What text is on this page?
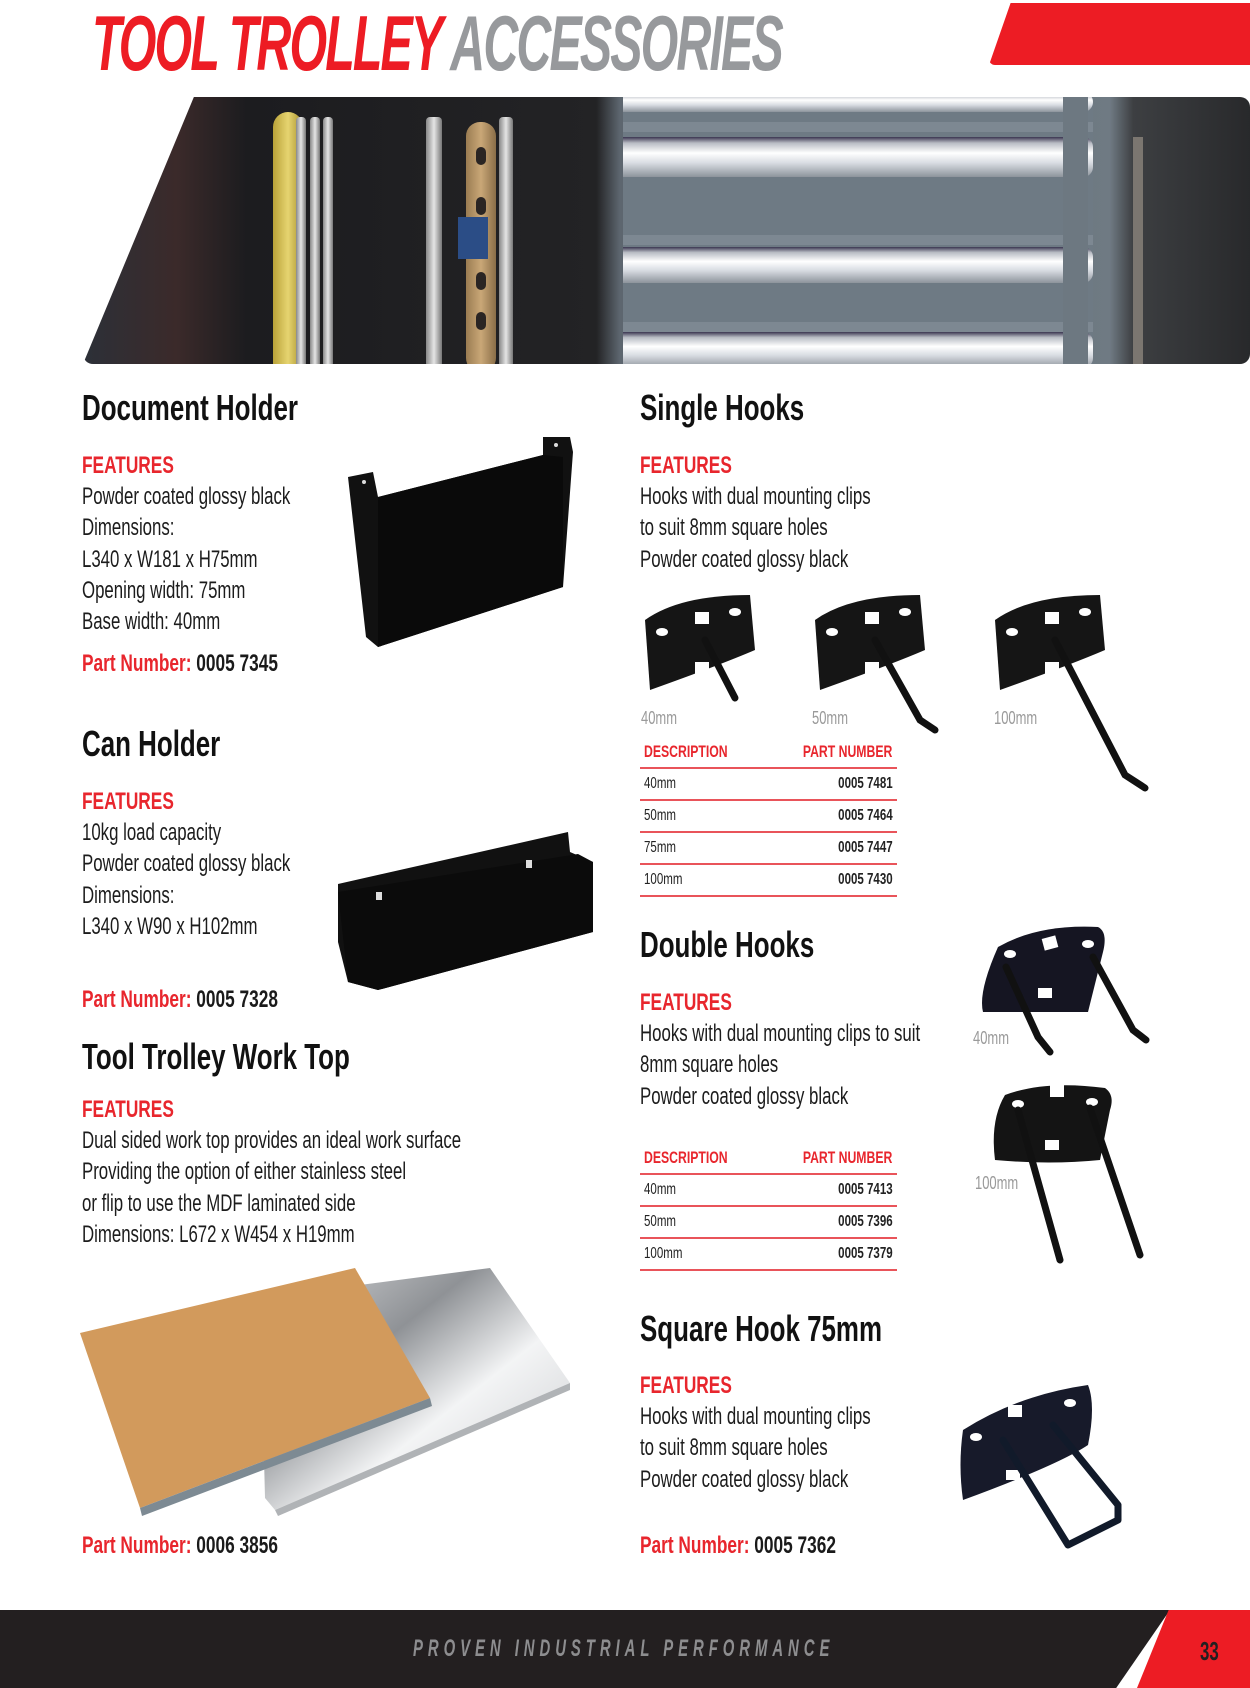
TOOL TROLLEY ACCESSORIES
Document Holder
FEATURES
Powder coated glossy black
Dimensions:
L340 x W181 x H75mm
Opening width: 75mm
Base width: 40mm
Part Number: 0005 7345
Can Holder
FEATURES
10kg load capacity
Powder coated glossy black
Dimensions:
L340 x W90 x H102mm
Part Number: 0005 7328
Tool Trolley Work Top
FEATURES
Dual sided work top provides an ideal work surface
Providing the option of either stainless steel
or flip to use the MDF laminated side
Dimensions: L672 x W454 x H19mm
Part Number: 0006 3856
Single Hooks
FEATURES
Hooks with dual mounting clips
to suit 8mm square holes
Powder coated glossy black
40mm	50mm	100mm
DESCRIPTION	PART NUMBER
40mm	0005 7481
50mm	0005 7464
75mm	0005 7447
100mm	0005 7430
Double Hooks
FEATURES
Hooks with dual mounting clips to suit
8mm square holes
Powder coated glossy black
40mm
100mm
DESCRIPTION	PART NUMBER
40mm	0005 7413
50mm	0005 7396
100mm	0005 7379
Square Hook 75mm
FEATURES
Hooks with dual mounting clips
to suit 8mm square holes
Powder coated glossy black
Part Number: 0005 7362
PROVEN INDUSTRIAL PERFORMANCE	33
